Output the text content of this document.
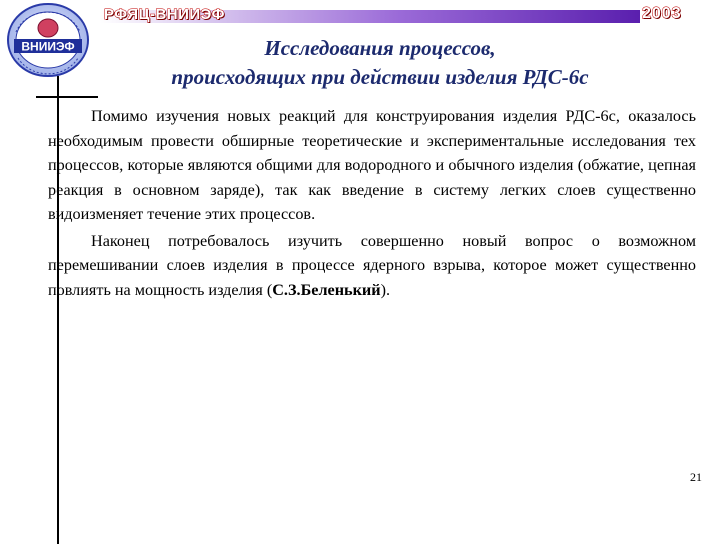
ВНИИЭФ
РФЯЦ-ВНИИЭФ	2003
Исследования процессов,
происходящих при действии изделия РДС-6с

Помимо изучения новых реакций для конструирования изделия РДС-6с, оказалось необходимым провести обширные теоретические и экспериментальные исследования тех процессов, которые являются общими для водородного и обычного изделия (обжатие, цепная реакция в основном заряде), так как введение в систему легких слоев существенно видоизменяет течение этих процессов.

Наконец потребовалось изучить совершенно новый вопрос о возможном перемешивании слоев изделия в процессе ядерного взрыва, которое может существенно повлиять на мощность изделия (С.З.Беленький).

21
